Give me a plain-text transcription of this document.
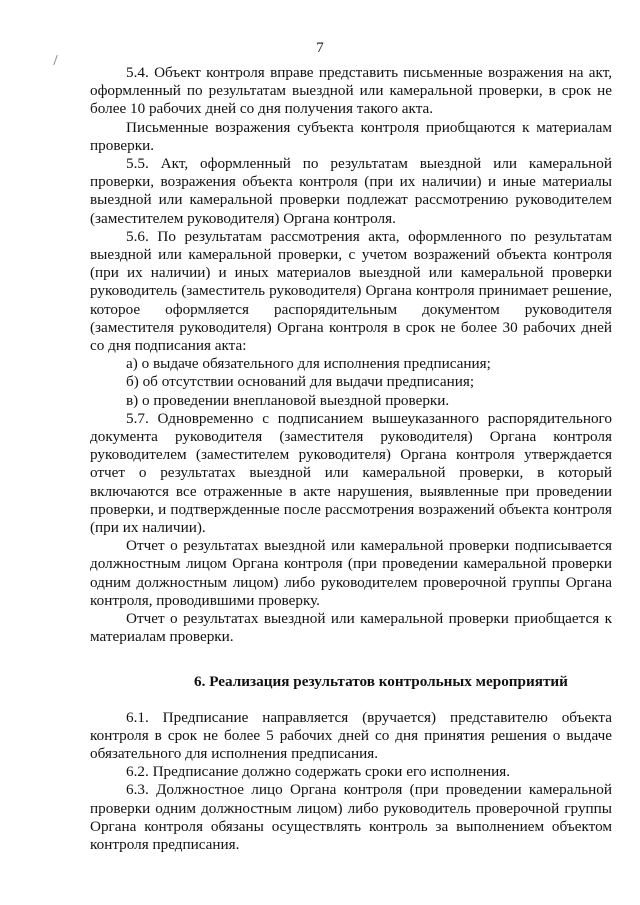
7

5.4. Объект контроля вправе представить письменные возражения на акт, оформленный по результатам выездной или камеральной проверки, в срок не более 10 рабочих дней со дня получения такого акта.

Письменные возражения субъекта контроля приобщаются к материалам проверки.

5.5. Акт, оформленный по результатам выездной или камеральной проверки, возражения объекта контроля (при их наличии) и иные материалы выездной или камеральной проверки подлежат рассмотрению руководителем (заместителем руководителя) Органа контроля.

5.6. По результатам рассмотрения акта, оформленного по результатам выездной или камеральной проверки, с учетом возражений объекта контроля (при их наличии) и иных материалов выездной или камеральной проверки руководитель (заместитель руководителя) Органа контроля принимает решение, которое оформляется распорядительным документом руководителя (заместителя руководителя) Органа контроля в срок не более 30 рабочих дней со дня подписания акта:

а) о выдаче обязательного для исполнения предписания;

б) об отсутствии оснований для выдачи предписания;

в) о проведении внеплановой выездной проверки.

5.7. Одновременно с подписанием вышеуказанного распорядительного документа руководителя (заместителя руководителя) Органа контроля руководителем (заместителем руководителя) Органа контроля утверждается отчет о результатах выездной или камеральной проверки, в который включаются все отраженные в акте нарушения, выявленные при проведении проверки, и подтвержденные после рассмотрения возражений объекта контроля (при их наличии).

Отчет о результатах выездной или камеральной проверки подписывается должностным лицом Органа контроля (при проведении камеральной проверки одним должностным лицом) либо руководителем проверочной группы Органа контроля, проводившими проверку.

Отчет о результатах выездной или камеральной проверки приобщается к материалам проверки.

6. Реализация результатов контрольных мероприятий

6.1. Предписание направляется (вручается) представителю объекта контроля в срок не более 5 рабочих дней со дня принятия решения о выдаче обязательного для исполнения предписания.

6.2. Предписание должно содержать сроки его исполнения.

6.3. Должностное лицо Органа контроля (при проведении камеральной проверки одним должностным лицом) либо руководитель проверочной группы Органа контроля обязаны осуществлять контроль за выполнением объектом контроля предписания.
